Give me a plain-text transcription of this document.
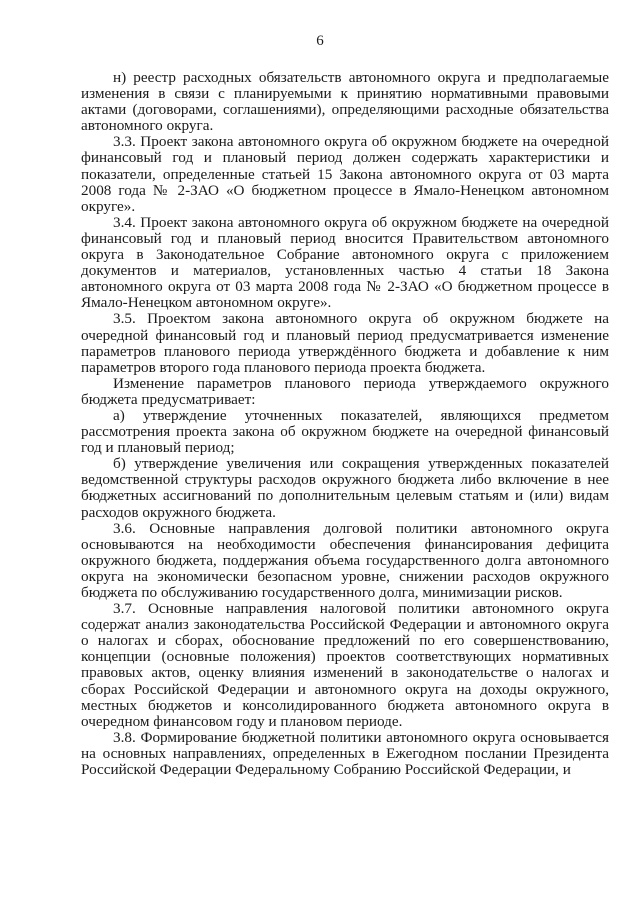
6

н) реестр расходных обязательств автономного округа и предполагаемые изменения в связи с планируемыми к принятию нормативными правовыми актами (договорами, соглашениями), определяющими расходные обязательства автономного округа.

3.3. Проект закона автономного округа об окружном бюджете на очередной финансовый год и плановый период должен содержать характеристики и показатели, определенные статьей 15 Закона автономного округа от 03 марта 2008 года № 2-ЗАО «О бюджетном процессе в Ямало-Ненецком автономном округе».

3.4. Проект закона автономного округа об окружном бюджете на очередной финансовый год и плановый период вносится Правительством автономного округа в Законодательное Собрание автономного округа с приложением документов и материалов, установленных частью 4 статьи 18 Закона автономного округа от 03 марта 2008 года № 2-ЗАО «О бюджетном процессе в Ямало-Ненецком автономном округе».

3.5. Проектом закона автономного округа об окружном бюджете на очередной финансовый год и плановый период предусматривается изменение параметров планового периода утверждённого бюджета и добавление к ним параметров второго года планового периода проекта бюджета.

Изменение параметров планового периода утверждаемого окружного бюджета предусматривает:

а) утверждение уточненных показателей, являющихся предметом рассмотрения проекта закона об окружном бюджете на очередной финансовый год и плановый период;

б) утверждение увеличения или сокращения утвержденных показателей ведомственной структуры расходов окружного бюджета либо включение в нее бюджетных ассигнований по дополнительным целевым статьям и (или) видам расходов окружного бюджета.

3.6. Основные направления долговой политики автономного округа основываются на необходимости обеспечения финансирования дефицита окружного бюджета, поддержания объема государственного долга автономного округа на экономически безопасном уровне, снижении расходов окружного бюджета по обслуживанию государственного долга, минимизации рисков.

3.7. Основные направления налоговой политики автономного округа содержат анализ законодательства Российской Федерации и автономного округа о налогах и сборах, обоснование предложений по его совершенствованию, концепции (основные положения) проектов соответствующих нормативных правовых актов, оценку влияния изменений в законодательстве о налогах и сборах Российской Федерации и автономного округа на доходы окружного, местных бюджетов и консолидированного бюджета автономного округа в очередном финансовом году и плановом периоде.

3.8. Формирование бюджетной политики автономного округа основывается на основных направлениях, определенных в Ежегодном послании Президента Российской Федерации Федеральному Собранию Российской Федерации, и
